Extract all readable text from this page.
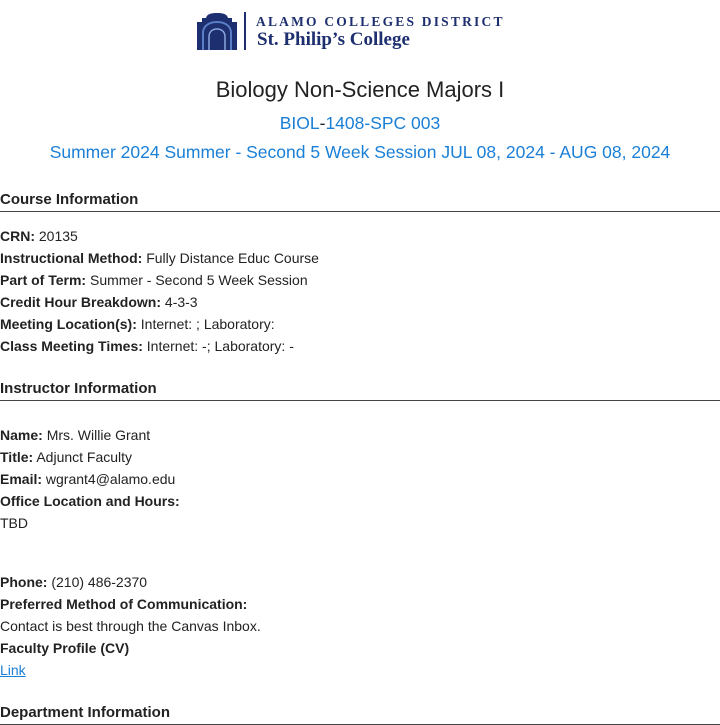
ALAMO COLLEGES DISTRICT
St. Philip’s College
Biology Non-Science Majors I
BIOL-1408-SPC 003
Summer 2024 Summer - Second 5 Week Session JUL 08, 2024 - AUG 08, 2024
Course Information
CRN: 20135
Instructional Method: Fully Distance Educ Course
Part of Term: Summer - Second 5 Week Session
Credit Hour Breakdown: 4-3-3
Meeting Location(s): Internet: ; Laboratory:
Class Meeting Times: Internet: -; Laboratory: -
Instructor Information
Name: Mrs. Willie Grant
Title: Adjunct Faculty
Email: wgrant4@alamo.edu
Office Location and Hours:
TBD
Phone: (210) 486-2370
Preferred Method of Communication:
Contact is best through the Canvas Inbox.
Faculty Profile (CV)
Link
Department Information
